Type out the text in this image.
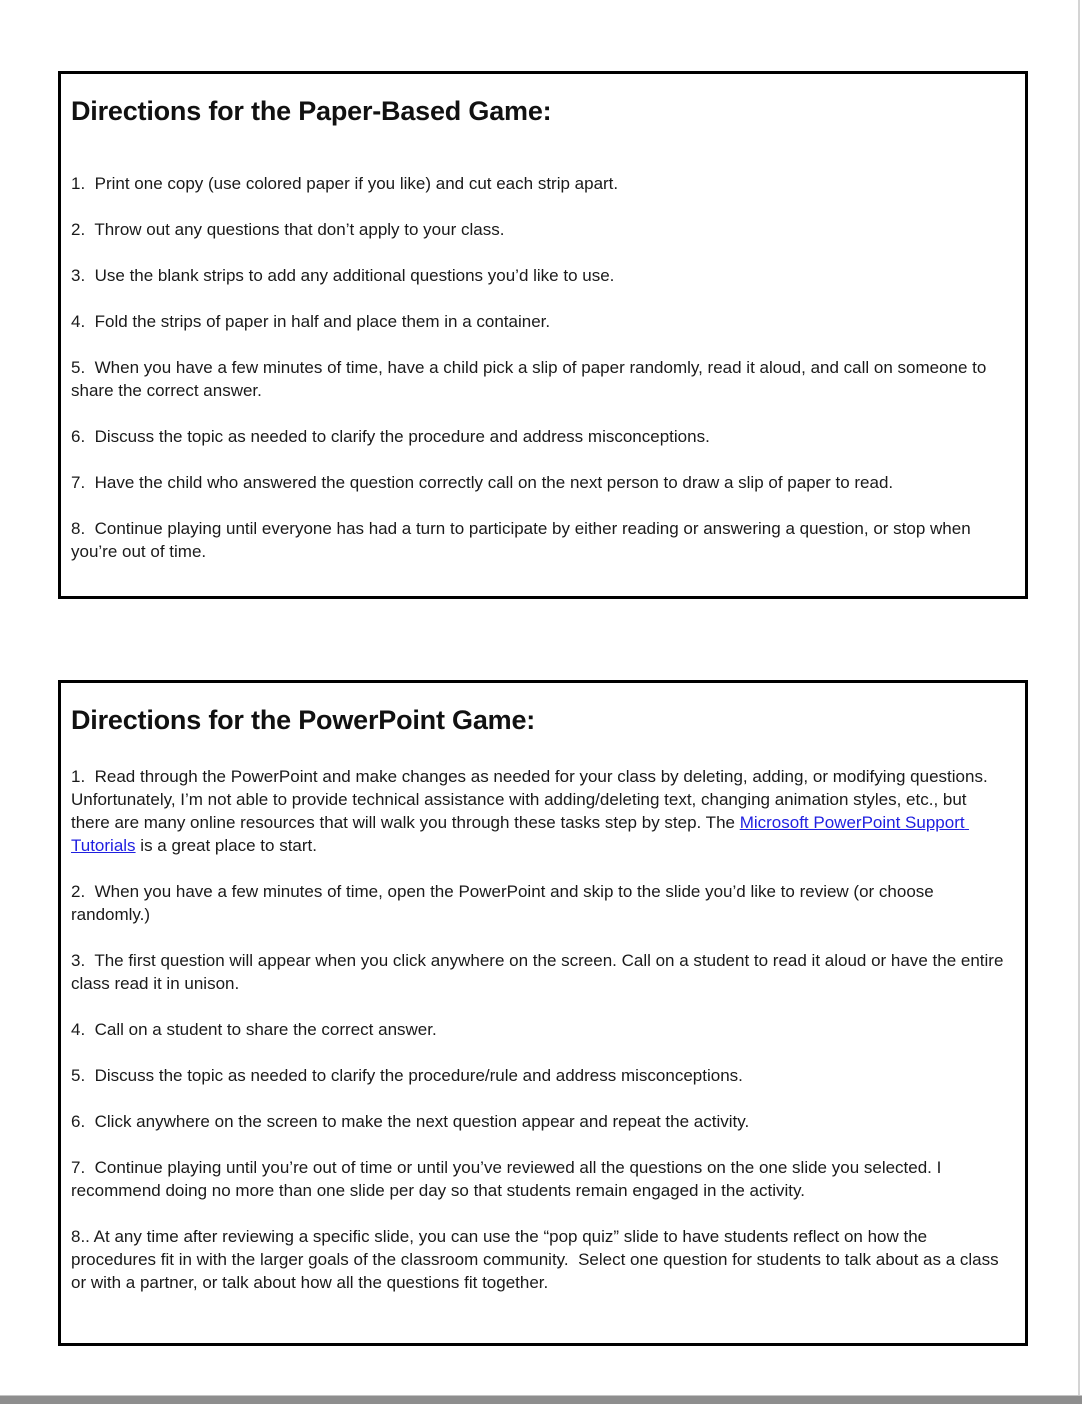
Directions for the Paper-Based Game:

1.  Print one copy (use colored paper if you like) and cut each strip apart.

2.  Throw out any questions that don’t apply to your class.

3.  Use the blank strips to add any additional questions you’d like to use.

4.  Fold the strips of paper in half and place them in a container.

5.  When you have a few minutes of time, have a child pick a slip of paper randomly, read it aloud, and call on someone to share the correct answer.

6.  Discuss the topic as needed to clarify the procedure and address misconceptions.

7.  Have the child who answered the question correctly call on the next person to draw a slip of paper to read.

8.  Continue playing until everyone has had a turn to participate by either reading or answering a question, or stop when you’re out of time.

Directions for the PowerPoint Game:

1.  Read through the PowerPoint and make changes as needed for your class by deleting, adding, or modifying questions. Unfortunately, I’m not able to provide technical assistance with adding/deleting text, changing animation styles, etc., but there are many online resources that will walk you through these tasks step by step. The Microsoft PowerPoint Support Tutorials is a great place to start.

2.  When you have a few minutes of time, open the PowerPoint and skip to the slide you’d like to review (or choose randomly.)

3.  The first question will appear when you click anywhere on the screen. Call on a student to read it aloud or have the entire class read it in unison.

4.  Call on a student to share the correct answer.

5.  Discuss the topic as needed to clarify the procedure/rule and address misconceptions.

6.  Click anywhere on the screen to make the next question appear and repeat the activity.

7.  Continue playing until you’re out of time or until you’ve reviewed all the questions on the one slide you selected. I recommend doing no more than one slide per day so that students remain engaged in the activity.

8.. At any time after reviewing a specific slide, you can use the “pop quiz” slide to have students reflect on how the procedures fit in with the larger goals of the classroom community.  Select one question for students to talk about as a class or with a partner, or talk about how all the questions fit together.
